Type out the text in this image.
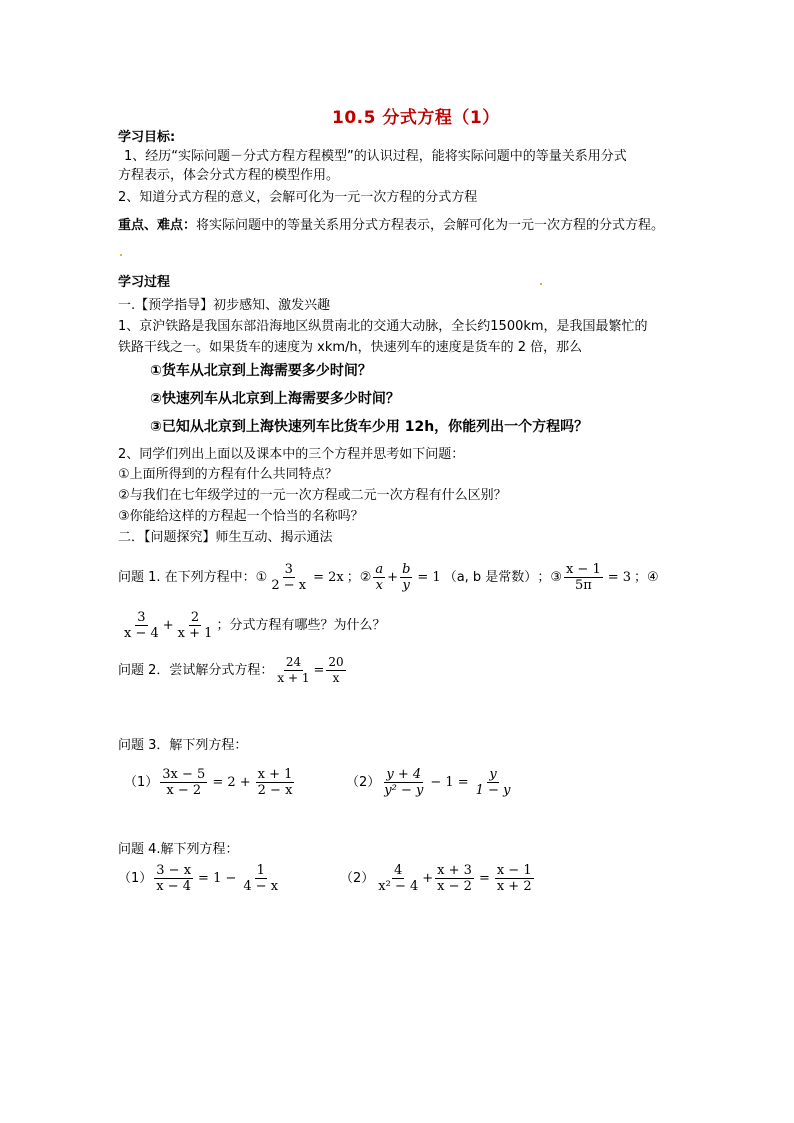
10.5 分式方程（1）
学习目标:
1、经历“实际问题－分式方程方程模型”的认识过程，能将实际问题中的等量关系用分式
方程表示，体会分式方程的模型作用。
2、知道分式方程的意义，会解可化为一元一次方程的分式方程
重点、难点：将实际问题中的等量关系用分式方程表示，会解可化为一元一次方程的分式方程。
学习过程
一.【预学指导】初步感知、激发兴趣
1、京沪铁路是我国东部沿海地区纵贯南北的交通大动脉，全长约1500km，是我国最繁忙的
铁路干线之一。如果货车的速度为 xkm/h，快速列车的速度是货车的 2 倍，那么
①货车从北京到上海需要多少时间？
②快速列车从北京到上海需要多少时间？
③已知从北京到上海快速列车比货车少用 12h，你能列出一个方程吗？
2、同学们列出上面以及课本中的三个方程并思考如下问题：
①上面所得到的方程有什么共同特点？
②与我们在七年级学过的一元一次方程或二元一次方程有什么区别？
③你能给这样的方程起一个恰当的名称吗？
二．【问题探究】师生互动、揭示通法
问题 1. 在下列方程中： ① $\frac{3}{2 - x} = 2x$ ；② $\frac{a}{x} + \frac{b}{y} = 1$ （a, b 是常数） ；③ $\frac{x - 1}{5\pi} = 3$ ；④
$\frac{3}{x - 4} + \frac{2}{x + 1}$ ；分式方程有哪些？为什么？
问题 2．尝试解分式方程： $\frac{24}{x + 1} = \frac{20}{x}$
问题 3．解下列方程：
$(1) \frac{3x - 5}{x - 2} = 2 + \frac{x + 1}{2 - x}$	$(2) \frac{y + 4}{\text{y² − y}} - 1 = \frac{y}{1 - y}$
问题 4.解下列方程：
$(1) \frac{3 - x}{x - 4} = 1 - \frac{1}{4 - x}$	$(2) \frac{4}{\text{x² − 4}} + \frac{x + 3}{x - 2} = \frac{x - 1}{x + 2}$
